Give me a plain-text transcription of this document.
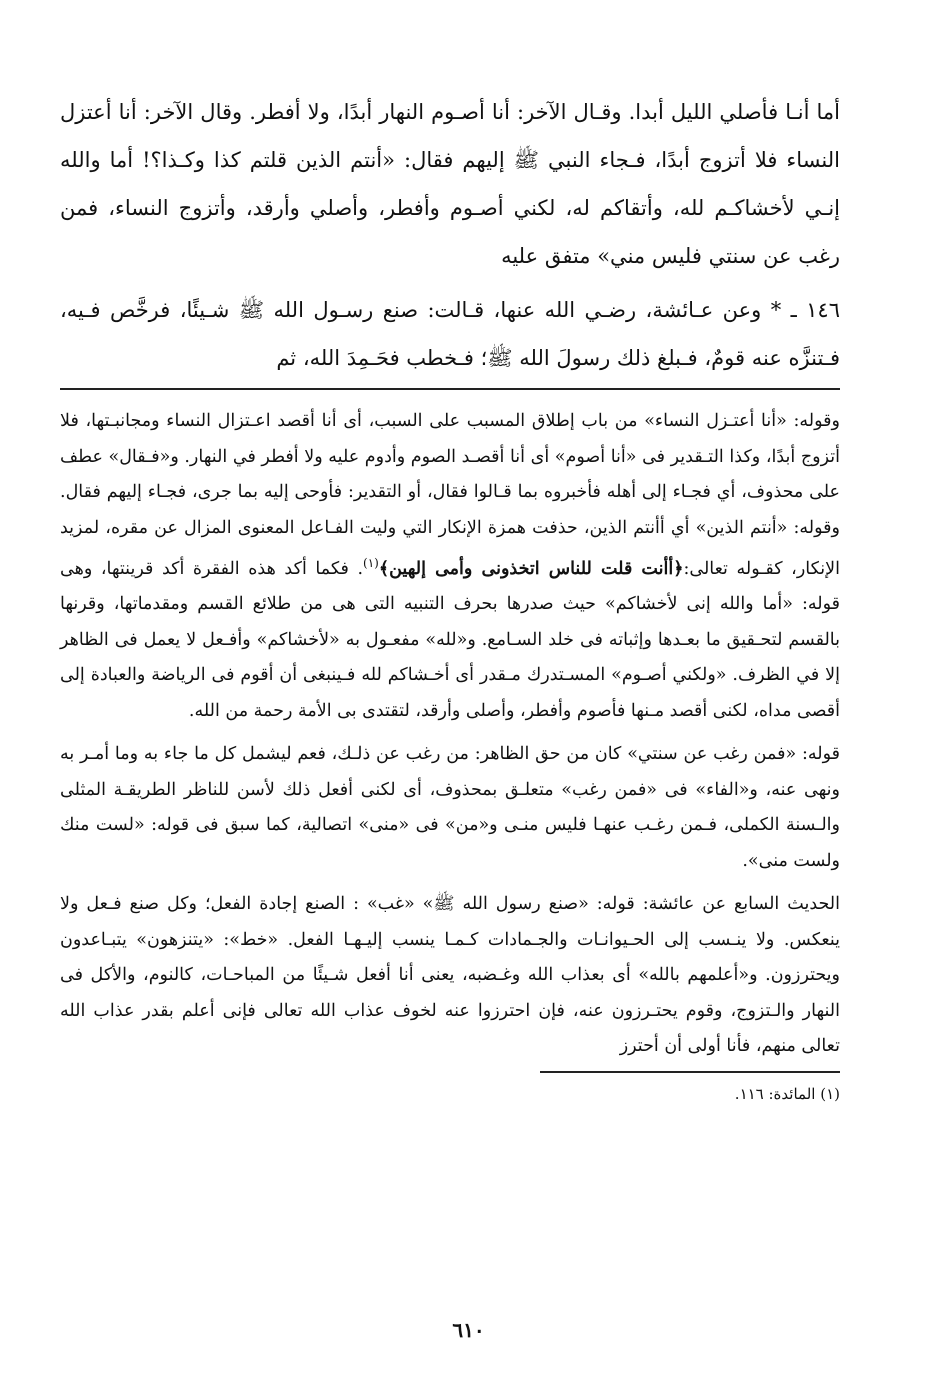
أما أنـا فأصلي الليل أبدا. وقـال الآخر: أنا أصـوم النهار أبدًا، ولا أفطر. وقال الآخر: أنا أعتزل النساء فلا أتزوج أبدًا، فـجاء النبي ﷺ إليهم فقال: «أنتم الذين قلتم كذا وكـذا؟! أما والله إنـي لأخشاكـم لله، وأتقاكم له، لكني أصـوم وأفطر، وأصلي وأرقد، وأتزوج النساء، فمن رغب عن سنتي فليس مني» متفق عليه

١٤٦ ـ * وعن عـائشة، رضـي الله عنها، قـالت: صنع رسـول الله ﷺ شـيئًا، فرخَّص فـيه، فـتنزَّه عنه قومٌ، فـبلغ ذلك رسولَ الله ﷺ؛ فـخطب فحَـمِدَ الله، ثم

وقوله: «أنا أعتـزل النساء» من باب إطلاق المسبب على السبب، أى أنا أقصد اعـتزال النساء ومجانبـتها، فلا أتزوج أبدًا، وكذا التـقدير فى «أنا أصوم» أى أنا أقصـد الصوم وأدوم عليه ولا أفطر في النهار. و«فـقال» عطف على محذوف، أي فجـاء إلى أهله فأخبروه بما قـالوا فقال، أو التقدير: فأوحى إليه بما جرى، فجـاء إليهم فقال. وقوله: «أنتم الذين» أي أأنتم الذين، حذفت همزة الإنكار التي وليت الفـاعل المعنوى المزال عن مقره، لمزيد الإنكار، كقـوله تعالى:﴿أأنت قلت للناس اتخذونى وأمى إلهين﴾$^{(١)}$. فكما أكد هذه الفقرة أكد قرينتها، وهى قوله: «أما والله إنى لأخشاكم» حيث صدرها بحرف التنبيه التى هى من طلائع القسم ومقدماتها، وقرنها بالقسم لتحـقيق ما بعـدها وإثباته فى خلد السـامع. و«لله» مفعـول به «لأخشاكم» وأفـعل لا يعمل فى الظاهر إلا في الظرف. «ولكني أصـوم» المسـتدرك مـقدر أى أخـشاكم لله فـينبغى أن أقوم فى الرياضة والعبادة إلى أقصى مداه، لكنى أقصد مـنها فأصوم وأفطر، وأصلى وأرقد، لتقتدى بى الأمة رحمة من الله.

قوله: «فمن رغب عن سنتي» كان من حق الظاهر: من رغب عن ذلـك، فعم ليشمل كل ما جاء به وما أمـر به ونهى عنه، و«الفاء» فى «فمن رغب» متعلـق بمحذوف، أى لكنى أفعل ذلك لأسن للناظر الطريقـة المثلى والـسنة الكملى، فـمن رغـب عنهـا فليس منـى و«من» فى «منى» اتصالية، كما سبق فى قوله: «لست منك ولست منى».

الحديث السابع عن عائشة: قوله: «صنع رسول الله ﷺ» «غب» : الصنع إجادة الفعل؛ وكل صنع فـعل ولا ينعكس. ولا ينـسب إلى الحـيوانـات والجـمادات كـمـا ينسب إليـهـا الفعل. «خط»: «يتنزهون» يتبـاعدون ويحترزون. و«أعلمهم بالله» أى بعذاب الله وغـضبه، يعنى أنا أفعل شـيئًا من المباحـات، كالنوم، والأكل فى النهار والـتزوج، وقوم يحتـرزون عنه، فإن احترزوا عنه لخوف عذاب الله تعالى فإنى أعلم بقدر عذاب الله تعالى منهم، فأنا أولى أن أحترز

(١) المائدة: ١١٦.
٦١٠
